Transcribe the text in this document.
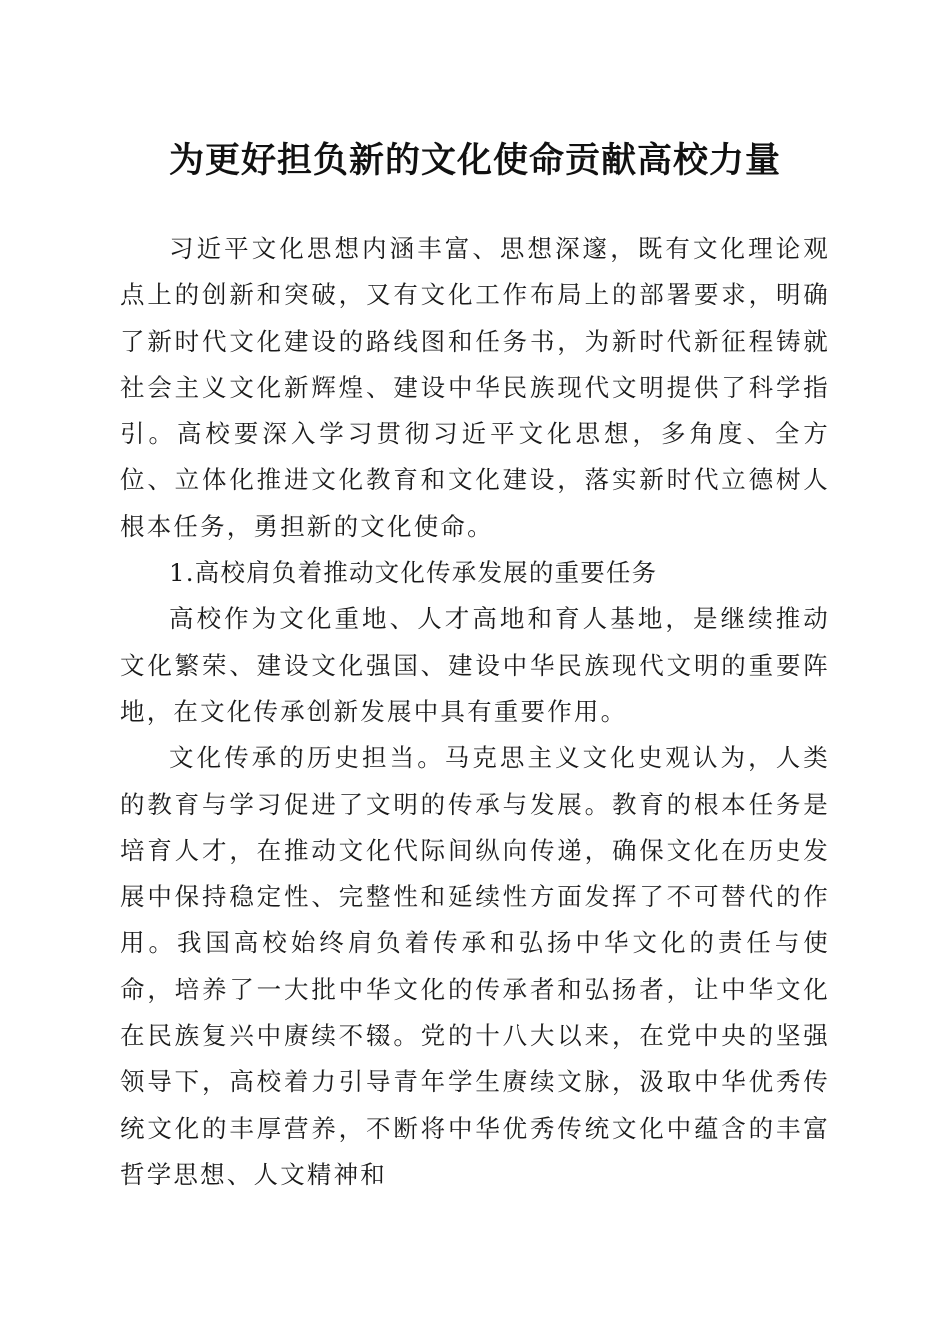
为更好担负新的文化使命贡献高校力量

习近平文化思想内涵丰富、思想深邃，既有文化理论观点上的创新和突破，又有文化工作布局上的部署要求，明确了新时代文化建设的路线图和任务书，为新时代新征程铸就社会主义文化新辉煌、建设中华民族现代文明提供了科学指引。高校要深入学习贯彻习近平文化思想，多角度、全方位、立体化推进文化教育和文化建设，落实新时代立德树人根本任务，勇担新的文化使命。

1.高校肩负着推动文化传承发展的重要任务

高校作为文化重地、人才高地和育人基地，是继续推动文化繁荣、建设文化强国、建设中华民族现代文明的重要阵地，在文化传承创新发展中具有重要作用。

文化传承的历史担当。马克思主义文化史观认为，人类的教育与学习促进了文明的传承与发展。教育的根本任务是培育人才，在推动文化代际间纵向传递，确保文化在历史发展中保持稳定性、完整性和延续性方面发挥了不可替代的作用。我国高校始终肩负着传承和弘扬中华文化的责任与使命，培养了一大批中华文化的传承者和弘扬者，让中华文化在民族复兴中赓续不辍。党的十八大以来，在党中央的坚强领导下，高校着力引导青年学生赓续文脉，汲取中华优秀传统文化的丰厚营养，不断将中华优秀传统文化中蕴含的丰富哲学思想、人文精神和
